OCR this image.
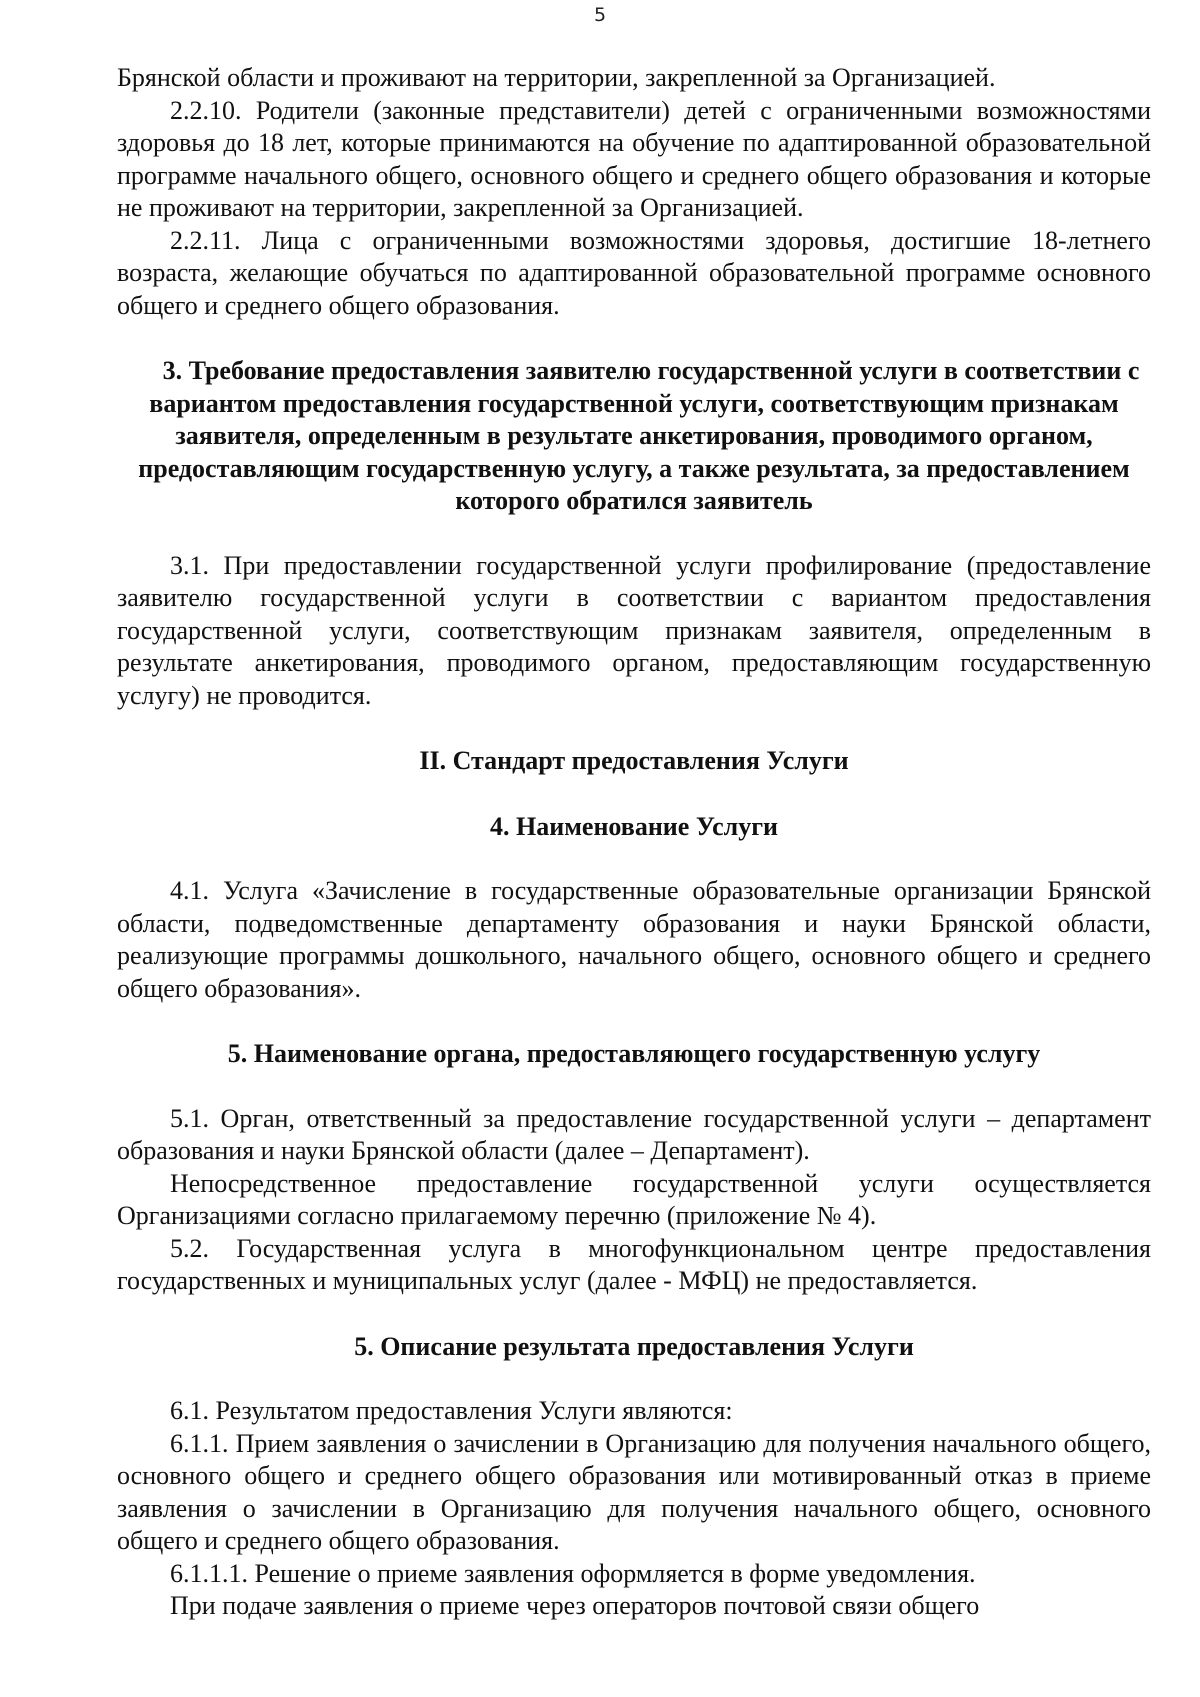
5

Брянской области и проживают на территории, закрепленной за Организацией.

2.2.10. Родители (законные представители) детей с ограниченными возможностями здоровья до 18 лет, которые принимаются на обучение по адаптированной образовательной программе начального общего, основного общего и среднего общего образования и которые не проживают на территории, закрепленной за Организацией.

2.2.11. Лица с ограниченными возможностями здоровья, достигшие 18-летнего возраста, желающие обучаться по адаптированной образовательной программе основного общего и среднего общего образования.

3. Требование предоставления заявителю государственной услуги в соответствии с вариантом предоставления государственной услуги, соответствующим признакам заявителя, определенным в результате анкетирования, проводимого органом, предоставляющим государственную услугу, а также результата, за предоставлением которого обратился заявитель

3.1. При предоставлении государственной услуги профилирование (предоставление заявителю государственной услуги в соответствии с вариантом предоставления государственной услуги, соответствующим признакам заявителя, определенным в результате анкетирования, проводимого органом, предоставляющим государственную услугу) не проводится.

II. Стандарт предоставления Услуги
4. Наименование Услуги

4.1. Услуга «Зачисление в государственные образовательные организации Брянской области, подведомственные департаменту образования и науки Брянской области, реализующие программы дошкольного, начального общего, основного общего и среднего общего образования».

5. Наименование органа, предоставляющего государственную услугу

5.1. Орган, ответственный за предоставление государственной услуги – департамент образования и науки Брянской области (далее – Департамент).

Непосредственное предоставление государственной услуги осуществляется Организациями согласно прилагаемому перечню (приложение № 4).

5.2. Государственная услуга в многофункциональном центре предоставления государственных и муниципальных услуг (далее - МФЦ) не предоставляется.

5. Описание результата предоставления Услуги

6.1. Результатом предоставления Услуги являются:

6.1.1. Прием заявления о зачислении в Организацию для получения начального общего, основного общего и среднего общего образования или мотивированный отказ в приеме заявления о зачислении в Организацию для получения начального общего, основного общего и среднего общего образования.

6.1.1.1. Решение о приеме заявления оформляется в форме уведомления.

При подаче заявления о приеме через операторов почтовой связи общего
